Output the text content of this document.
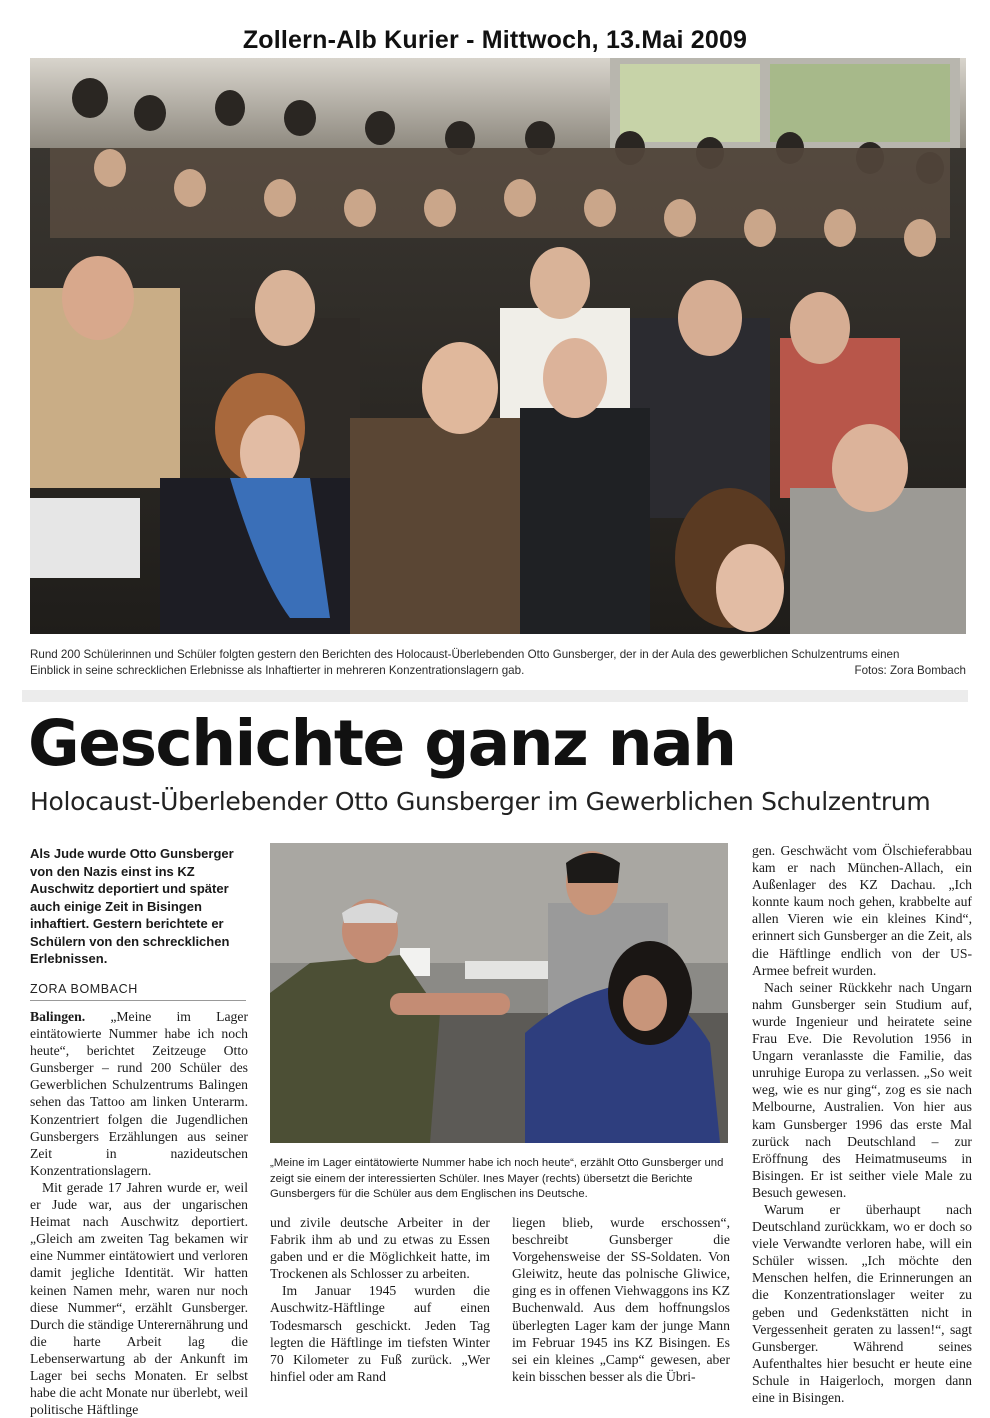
Zollern-Alb Kurier - Mittwoch, 13.Mai 2009
Rund 200 Schülerinnen und Schüler folgten gestern den Berichten des Holocaust-Überlebenden Otto Gunsberger, der in der Aula des gewerblichen Schulzentrums einen
Einblick in seine schrecklichen Erlebnisse als Inhaftierter in mehreren Konzentrationslagern gab.	Fotos: Zora Bombach
Geschichte ganz nah
Holocaust-Überlebender Otto Gunsberger im Gewerblichen Schulzentrum
Als Jude wurde Otto Gunsberger von den Nazis einst ins KZ Auschwitz deportiert und später auch einige Zeit in Bisingen inhaftiert. Gestern berichtete er Schülern von den schrecklichen Erlebnissen.
ZORA BOMBACH

Balingen. „Meine im Lager eintätowierte Nummer habe ich noch heute“, berichtet Zeitzeuge Otto Gunsberger – rund 200 Schüler des Gewerblichen Schulzentrums Balingen sehen das Tattoo am linken Unterarm. Konzentriert folgen die Jugendlichen Gunsbergers Erzählungen aus seiner Zeit in nazideutschen Konzentrationslagern.

Mit gerade 17 Jahren wurde er, weil er Jude war, aus der ungarischen Heimat nach Auschwitz deportiert. „Gleich am zweiten Tag bekamen wir eine Nummer eintätowiert und verloren damit jegliche Identität. Wir hatten keinen Namen mehr, waren nur noch diese Nummer“, erzählt Gunsberger. Durch die ständige Unterernährung und die harte Arbeit lag die Lebenserwartung ab der Ankunft im Lager bei sechs Monaten. Er selbst habe die acht Monate nur überlebt, weil politische Häftlinge

„Meine im Lager eintätowierte Nummer habe ich noch heute“, erzählt Otto Gunsberger und zeigt sie einem der interessierten Schüler. Ines Mayer (rechts) übersetzt die Berichte Gunsbergers für die Schüler aus dem Englischen ins Deutsche.

und zivile deutsche Arbeiter in der Fabrik ihm ab und zu etwas zu Essen gaben und er die Möglichkeit hatte, im Trockenen als Schlosser zu arbeiten.

Im Januar 1945 wurden die Auschwitz-Häftlinge auf einen Todesmarsch geschickt. Jeden Tag legten die Häftlinge im tiefsten Winter 70 Kilometer zu Fuß zurück. „Wer hinfiel oder am Rand

liegen blieb, wurde erschossen“, beschreibt Gunsberger die Vorgehensweise der SS-Soldaten. Von Gleiwitz, heute das polnische Gliwice, ging es in offenen Viehwaggons ins KZ Buchenwald. Aus dem hoffnungslos überlegten Lager kam der junge Mann im Februar 1945 ins KZ Bisingen. Es sei ein kleines „Camp“ gewesen, aber kein bisschen besser als die Übri-

gen. Geschwächt vom Ölschieferabbau kam er nach München-Allach, ein Außenlager des KZ Dachau. „Ich konnte kaum noch gehen, krabbelte auf allen Vieren wie ein kleines Kind“, erinnert sich Gunsberger an die Zeit, als die Häftlinge endlich von der US-Armee befreit wurden.

Nach seiner Rückkehr nach Ungarn nahm Gunsberger sein Studium auf, wurde Ingenieur und heiratete seine Frau Eve. Die Revolution 1956 in Ungarn veranlasste die Familie, das unruhige Europa zu verlassen. „So weit weg, wie es nur ging“, zog es sie nach Melbourne, Australien. Von hier aus kam Gunsberger 1996 das erste Mal zurück nach Deutschland – zur Eröffnung des Heimatmuseums in Bisingen. Er ist seither viele Male zu Besuch gewesen.

Warum er überhaupt nach Deutschland zurückkam, wo er doch so viele Verwandte verloren habe, will ein Schüler wissen. „Ich möchte den Menschen helfen, die Erinnerungen an die Konzentrationslager weiter zu geben und Gedenkstätten nicht in Vergessenheit geraten zu lassen!“, sagt Gunsberger. Während seines Aufenthaltes hier besucht er heute eine Schule in Haigerloch, morgen dann eine in Bisingen.
